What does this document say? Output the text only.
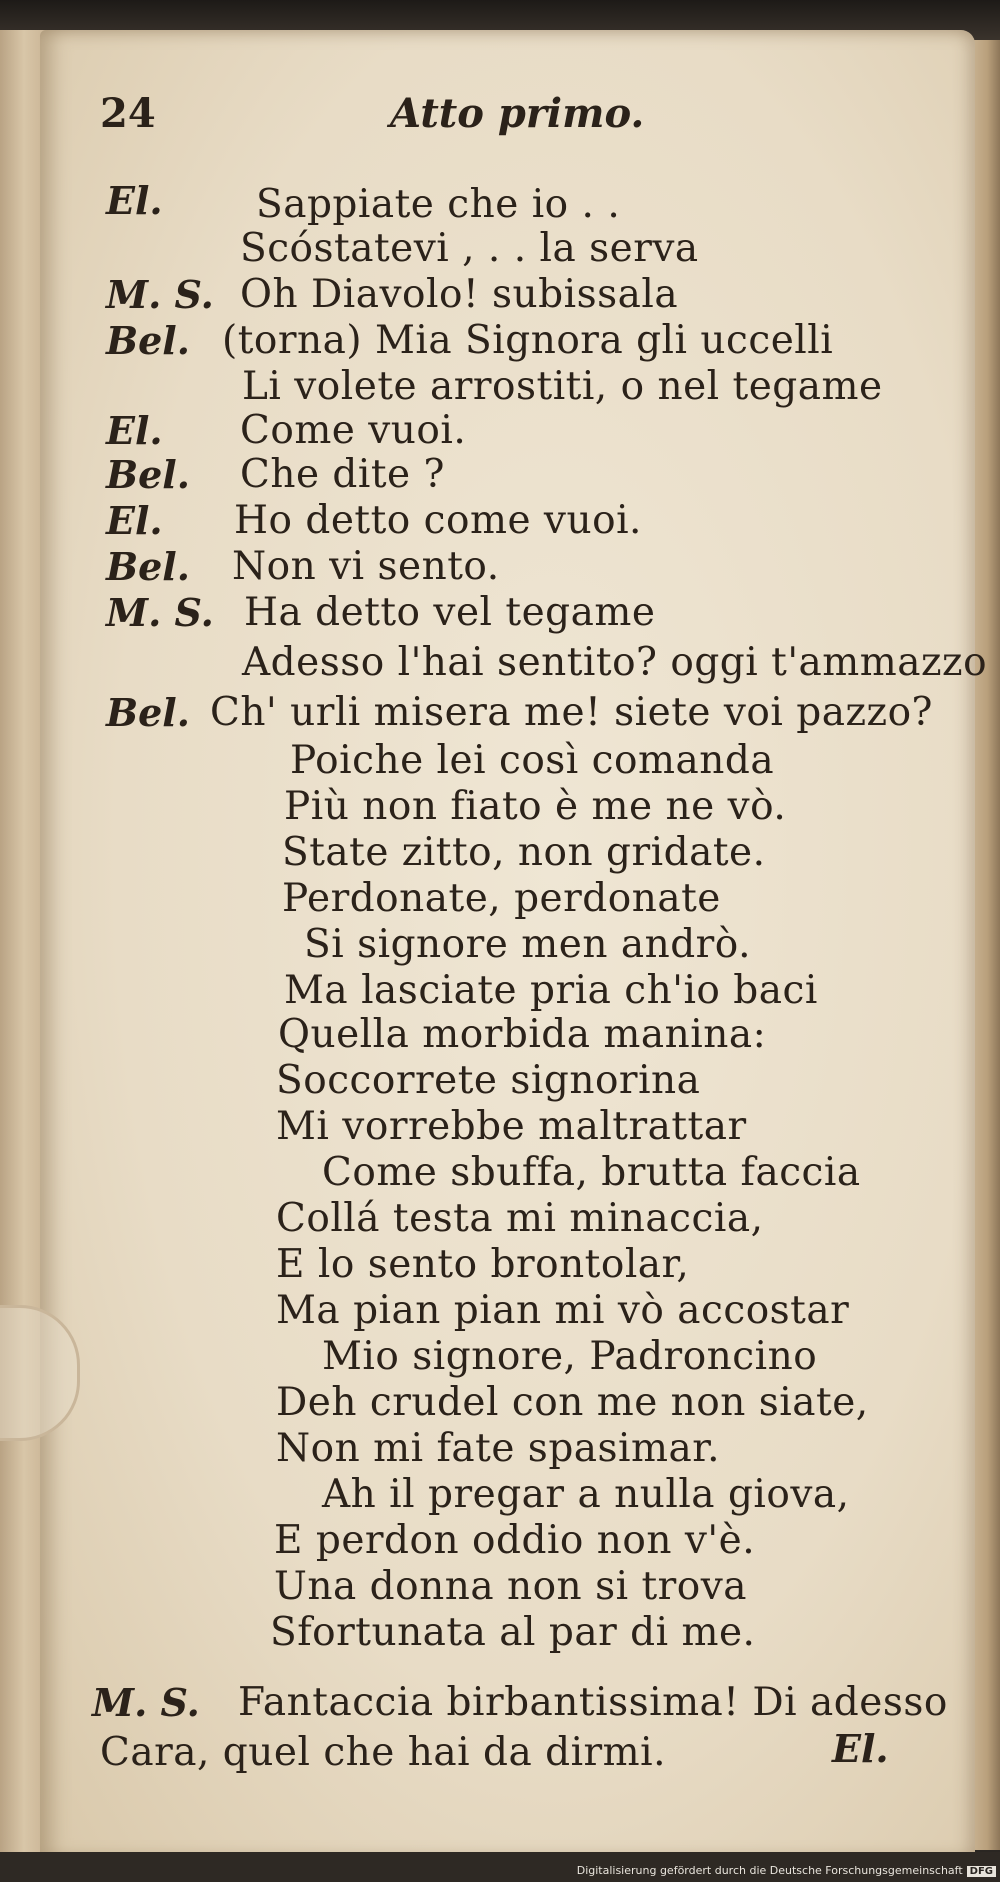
24	Atto primo.
El. Sappiate che io . .
Scóstatevi , . . la serva
M. S. Oh Diavolo! subissala
Bel. (torna) Mia Signora gli uccelli
Li volete arrostiti, o nel tegame
El. Come vuoi.
Bel. Che dite ?
El. Ho detto come vuoi.
Bel. Non vi sento.
M. S. Ha detto vel tegame
Adesso l'hai sentito? oggi t'ammazzo
Bel. Ch' urli misera me! siete voi pazzo?
Poiche lei così comanda
Più non fiato è me ne vò.
State zitto, non gridate.
Perdonate, perdonate
Si signore men andrò.
Ma lasciate pria ch'io baci
Quella morbida manina:
Soccorrete signorina
Mi vorrebbe maltrattar
Come sbuffa, brutta faccia
Collá testa mi minaccia,
E lo sento brontolar,
Ma pian pian mi vò accostar
Mio signore, Padroncino
Deh crudel con me non siate,
Non mi fate spasimar.
Ah il pregar a nulla giova,
E perdon oddio non v'è.
Una donna non si trova
Sfortunata al par di me.
M. S. Fantaccia birbantissima! Di adesso
Cara, quel che hai da dirmi.	El.
Digitalisierung gefördert durch die Deutsche Forschungsgemeinschaft DFG
